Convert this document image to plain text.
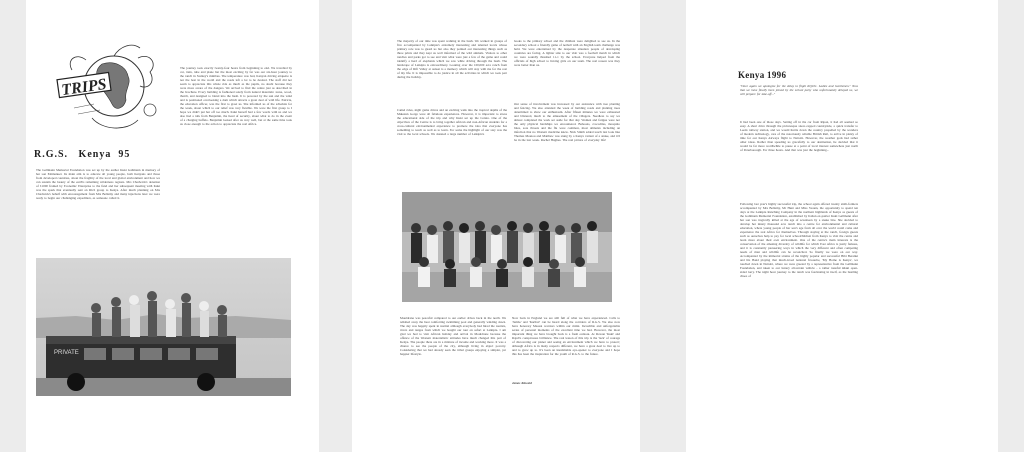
TRIPS
The journey took exactly twenty-four hours from beginning to end. We travelled by car, train, tube and plane but the most exciting by far was our six-hour journey to the ranch in Stanley's minibus. The temperature was bad, Kenyan driving etiquette is not the best in the world and the roads left a lot to be desired. The staff did not seem to appreciate this whole ride as much as the pupils, no doubt because they were more aware of the dangers. We arrived to find the centre just as described in the brochure. Every building is fashioned solely from natural materials: stone, wood, thatch, and designed to blend into the bush. It is powered by the sun and the wind and is positioned overlooking a dam which attracts a great deal of wild life. Patricia, the education officer, was the first to greet us. She informed us of the schedule for the week, about which to our relief was very flexible. We were the first group to I hope we didn't put her off too much. Kuki herself had a few words with us and we also had a talk from Benjamin, the head of security, about what to do in the event of a charging buffalo. Benjamin looked after us very well, but at the same time took us close enough to the action to appreciate the real Africa.
R.G.S.   Kenya  95
The Gallmann Memorial Foundation was set up by the author Kuki Gallmann in memory of her son Emmanuel. Its main aim is to educate all young people, both Kenyans and those from developed countries, about the fragility of the local and global environment and how we can sustain the beauty of the earth's remaining wilderness regions. Mrs Chadwick's donation of £1000 framed by Economic Enterprise to the fund and her subsequent meeting with Kuki was the spark that eventually sent an RGS group to Kenya. After much planning on Mrs Chadwick's behalf with encouragement from Mrs Bellamy and many injections later we were ready to begin our challenging expedition, as someone called it.
PRIVATE
The majority of our time was spent walking in the bush. We walked in groups of five accompanied by Laikipia's extremely interesting and talented locals whose primary role was to guard us but also they pointed out interesting things such as three prints and they kept us well informed of the wild animals. Visitors to other ranches and parks got to see and visit what were just a few of the game and could identify a herd of elephants which we saw while driving through the bush. The landscape of Laikipia is extraordinary. Looking over the 100,000 acre ranch from the edge of Rift Valley at sunset is a memory which will stay with me for the rest of my life. It is impossible to do justice in all the activities in which we took part during the holiday.
Camel rides, night game drives and an exciting walk into the tropical depths of the Mukutan Gorge were all fabulous experiences. However, it is important to stress the educational side of the trip and why Kuki set up the Centre. One of the objectives of the Centre is to bring together African and non-African students for a cross-cultural environmental experience to promote the idea that everyone has something to teach as well as to learn. For some the highlight of our stay was the visit to the local schools. We donated a large number of Laikipia's
books to the primary school and the children were delighted to see us. In the secondary school a friendly game of netball with an English team challenge was held. We were entertained by the desperate situation people of developing countries are facing. A lighter side to our visit was a football match in which we were soundly thrashed 11-1 by the school. Everyone helped from the officials of high school to having girls on our team. The real reason was they were better than us.
Our sense of involvement was increased by our assistance with tree planting and fencing. We also attended the week of building roads and planting trees determined to show our enthusiasm. After fifteen minutes we were exhausted and blistered, much to the amusement of the villagers. Needless to say we almost completed the work set aside for that day. Women and fatigue were not the only physical hardships we encountered. Baboons, crocodiles, mosquito bites, sore throats and the flu were common, most ailments including an infection that no Western medicine knew. Nick Smith added touch last look like Thomas Moutou and Matthew was stung by a Kenya variant of a snake, and it'd be in the last week. Rachel Hughes. The real picture of everyday life!
Mouldrane was peaceful compared to our earlier drives back in the north. We relished away the heat comforting swimming pool and generally winding down. The day was happily spent in normal although everybody had hired the tourists, rivers and ranges from which we bought our tour on safari at Laikipia. I am glad we had to visit African holiday and arrival in Mouldrane because the offence of the Western materialistic attitudes have much changed this part of Kenya. The people there are in a mixture of income and working more. It was a chance to see the people of the city, although living in abject poverty. Considering that we had already seen the tribal groups enjoying a simpler, yet happier lifestyle.
Now back in England we are still full of what we have experienced. Calls to 'Jambo' and 'Karibu!' can be heard along the corridors of R.G.S. We also now have honorary Maasai warriors within our midst. Incredible and unforgettable series of personal moments of the excellent time we had. However, the most important thing we have brought back is a fresh outlook. At Rowan 'Kuki' and Rajab's conspicuous brilliance. The real lesson of this trip is the 'lack' of courage of discovering our planet and seeing an environment which we have to protect; although Africa is in many respects different, we have a great deal to live up to and to grow up to. It's been an inestimable eye-opener to everyone and I hope this has been the inspiration for the youth of R.G.S. to the future.
James Kincaid
Kenya 1996
"Once again we apologise for the delay to flight KQ101. Ladies and Gentlemen." Now that we have finally been joined by the school party who unfortunately delayed us, we will prepare for take-off..."
It had been one of those days. Setting off in the car from Ripon, it had all seemed so easy. A short drive through the picturesque snow-capped countryside, a quick transfer to Leeds railway station, and we would hurtle down the country propelled by the wonders of modern technology, care of the notoriously reliable British Rail, to arrive in plenty of time for our Kenya Airways flight to Nairobi. However, the weather gods had rather other ideas. Rather than speeding us gracefully to our destination, he decided that it would be far more worthwhile to pause at a point of local interest somewhere just north of Peterborough. For three hours. And that was just the beginning...
Following last year's highly successful trip, the school again offered twenty sixth-formers accompanied by Mrs Bellamy, Mr Hunt and Miss Swann, the opportunity to spend ten days at the Laikipia Ranching Company in the northern highlands of Kenya as guests of the Gallmann Memorial Foundation, established by Italian ex-patriot Kuki Gallmann after her son was tragically killed at the age of seventeen by a snake bite. She decided to develop her ninety thousand acre ranch into a centre for environmental and cultural education, where young people of her son's age from all over the world could come and experience the real Africa for themselves. Through staying at the ranch, foreign guests such as ourselves help to pay for local schoolchildren from Kenya to visit the centre and learn more about their own environment. One of the centre's main interests is the conservation of the amazing diversity of wildlife for which East Africa is justly famous, and it is constantly pioneering ways in which the very different and often competing needs of man and wildlife can be reconciled. So finally we were on our way. Accompanied by the immortal strains of the highly popular and successful Bibi Beranki and his Band playing that much-loved national favourite, 'My Home is Kenya', we touched down in Nairobi, where we were greeted by a representative from the Gallmann Foundation, and taken to our luxury all-terrain vehicle - a rather tasteful khaki open-sided lorry. The night hour journey to the ranch was fascinating in itself, as the bustling chaos of
